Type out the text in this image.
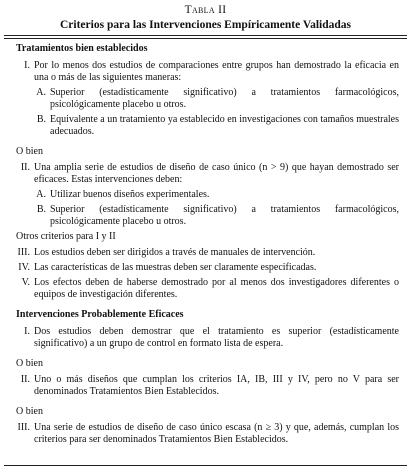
Tabla II
Criterios para las Intervenciones Empíricamente Validadas
Tratamientos bien establecidos
I. Por lo menos dos estudios de comparaciones entre grupos han demostrado la eficacia en una o más de las siguientes maneras:
A. Superior (estadísticamente significativo) a tratamientos farmacológicos, psicológicamente placebo u otros.
B. Equivalente a un tratamiento ya establecido en investigaciones con tamaños muestrales adecuados.
O bien
II. Una amplia serie de estudios de diseño de caso único (n > 9) que hayan demostrado ser eficaces. Estas intervenciones deben:
A. Utilizar buenos diseños experimentales.
B. Superior (estadísticamente significativo) a tratamientos farmacológicos, psicológicamente placebo u otros.
Otros criterios para I y II
III. Los estudios deben ser dirigidos a través de manuales de intervención.
IV. Las características de las muestras deben ser claramente especificadas.
V. Los efectos deben de haberse demostrado por al menos dos investigadores diferentes o equipos de investigación diferentes.
Intervenciones Probablemente Eficaces
I. Dos estudios deben demostrar que el tratamiento es superior (estadísticamente significativo) a un grupo de control en formato lista de espera.
O bien
II. Uno o más diseños que cumplan los criterios IA, IB, III y IV, pero no V para ser denominados Tratamientos Bien Establecidos.
O bien
III. Una serie de estudios de diseño de caso único escasa (n ≥ 3) y que, además, cumplan los criterios para ser denominados Tratamientos Bien Establecidos.
